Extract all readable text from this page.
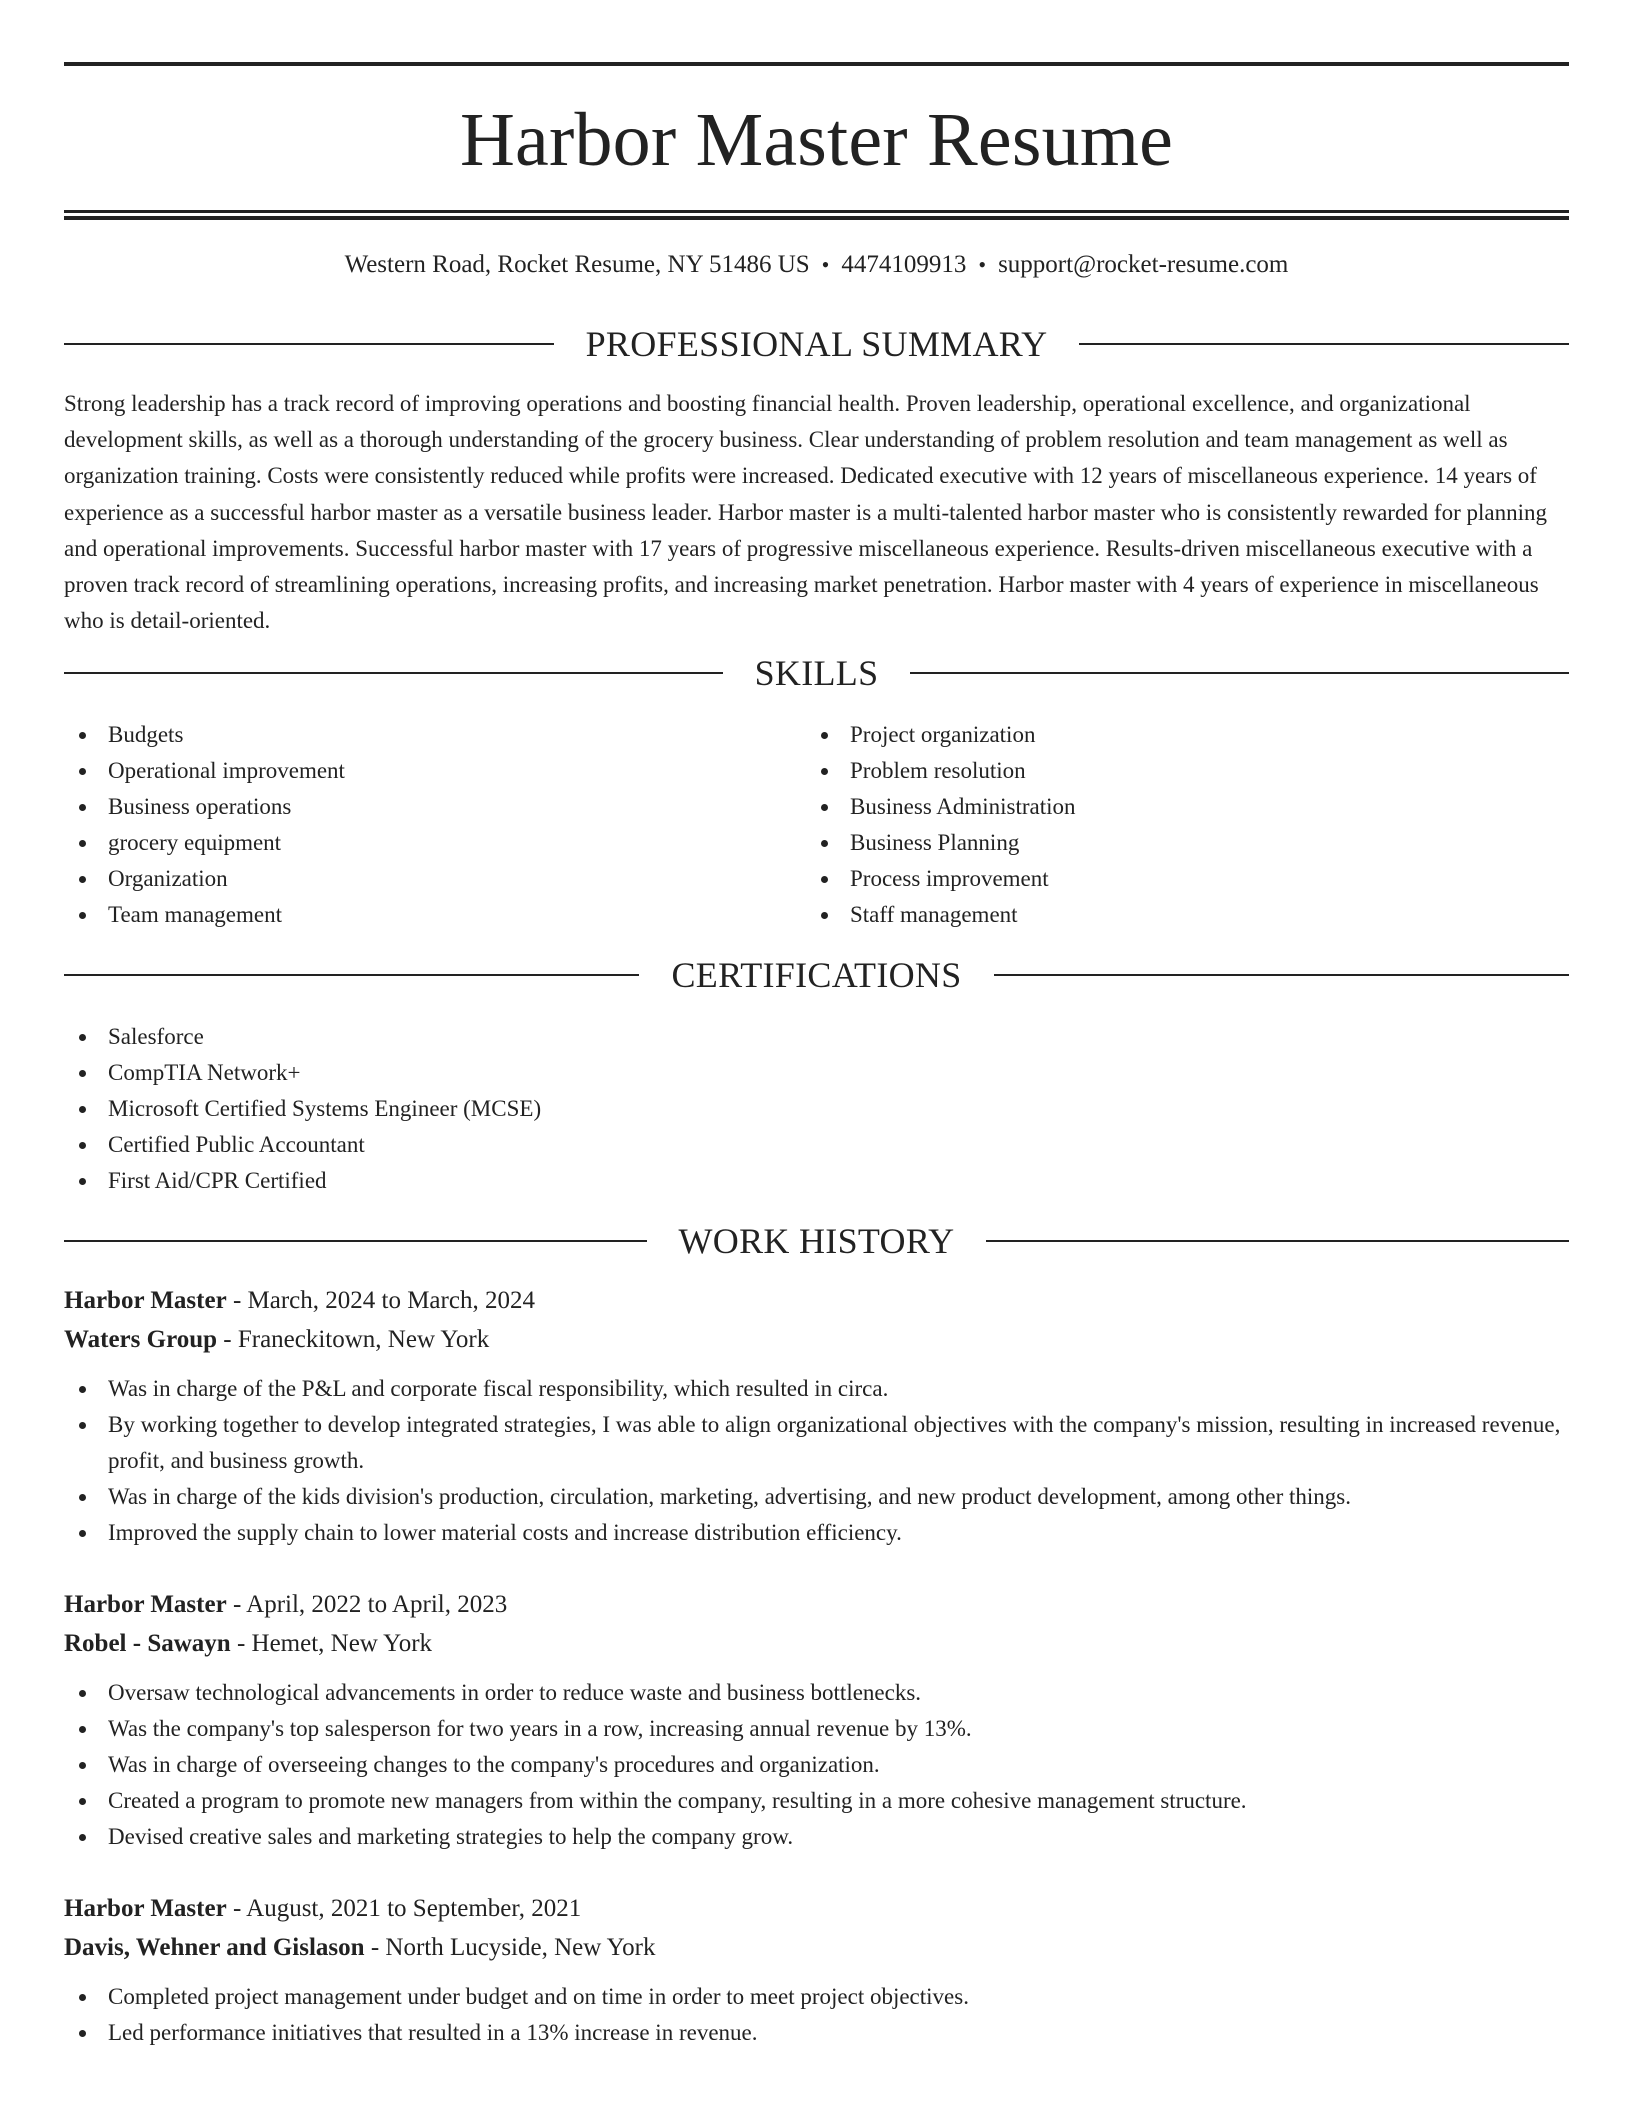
Harbor Master Resume
Western Road, Rocket Resume, NY 51486 US • 4474109913 • support@rocket-resume.com
PROFESSIONAL SUMMARY

Strong leadership has a track record of improving operations and boosting financial health. Proven leadership, operational excellence, and organizational development skills, as well as a thorough understanding of the grocery business. Clear understanding of problem resolution and team management as well as organization training. Costs were consistently reduced while profits were increased. Dedicated executive with 12 years of miscellaneous experience. 14 years of experience as a successful harbor master as a versatile business leader. Harbor master is a multi-talented harbor master who is consistently rewarded for planning and operational improvements. Successful harbor master with 17 years of progressive miscellaneous experience. Results-driven miscellaneous executive with a proven track record of streamlining operations, increasing profits, and increasing market penetration. Harbor master with 4 years of experience in miscellaneous who is detail-oriented.

SKILLS
Budgets
Operational improvement
Business operations
grocery equipment
Organization
Team management
Project organization
Problem resolution
Business Administration
Business Planning
Process improvement
Staff management
CERTIFICATIONS
Salesforce
CompTIA Network+
Microsoft Certified Systems Engineer (MCSE)
Certified Public Accountant
First Aid/CPR Certified
WORK HISTORY
Harbor Master - March, 2024 to March, 2024
Waters Group - Franeckitown, New York
Was in charge of the P&L and corporate fiscal responsibility, which resulted in circa.
By working together to develop integrated strategies, I was able to align organizational objectives with the company's mission, resulting in increased revenue, profit, and business growth.
Was in charge of the kids division's production, circulation, marketing, advertising, and new product development, among other things.
Improved the supply chain to lower material costs and increase distribution efficiency.
Harbor Master - April, 2022 to April, 2023
Robel - Sawayn - Hemet, New York
Oversaw technological advancements in order to reduce waste and business bottlenecks.
Was the company's top salesperson for two years in a row, increasing annual revenue by 13%.
Was in charge of overseeing changes to the company's procedures and organization.
Created a program to promote new managers from within the company, resulting in a more cohesive management structure.
Devised creative sales and marketing strategies to help the company grow.
Harbor Master - August, 2021 to September, 2021
Davis, Wehner and Gislason - North Lucyside, New York
Completed project management under budget and on time in order to meet project objectives.
Led performance initiatives that resulted in a 13% increase in revenue.
